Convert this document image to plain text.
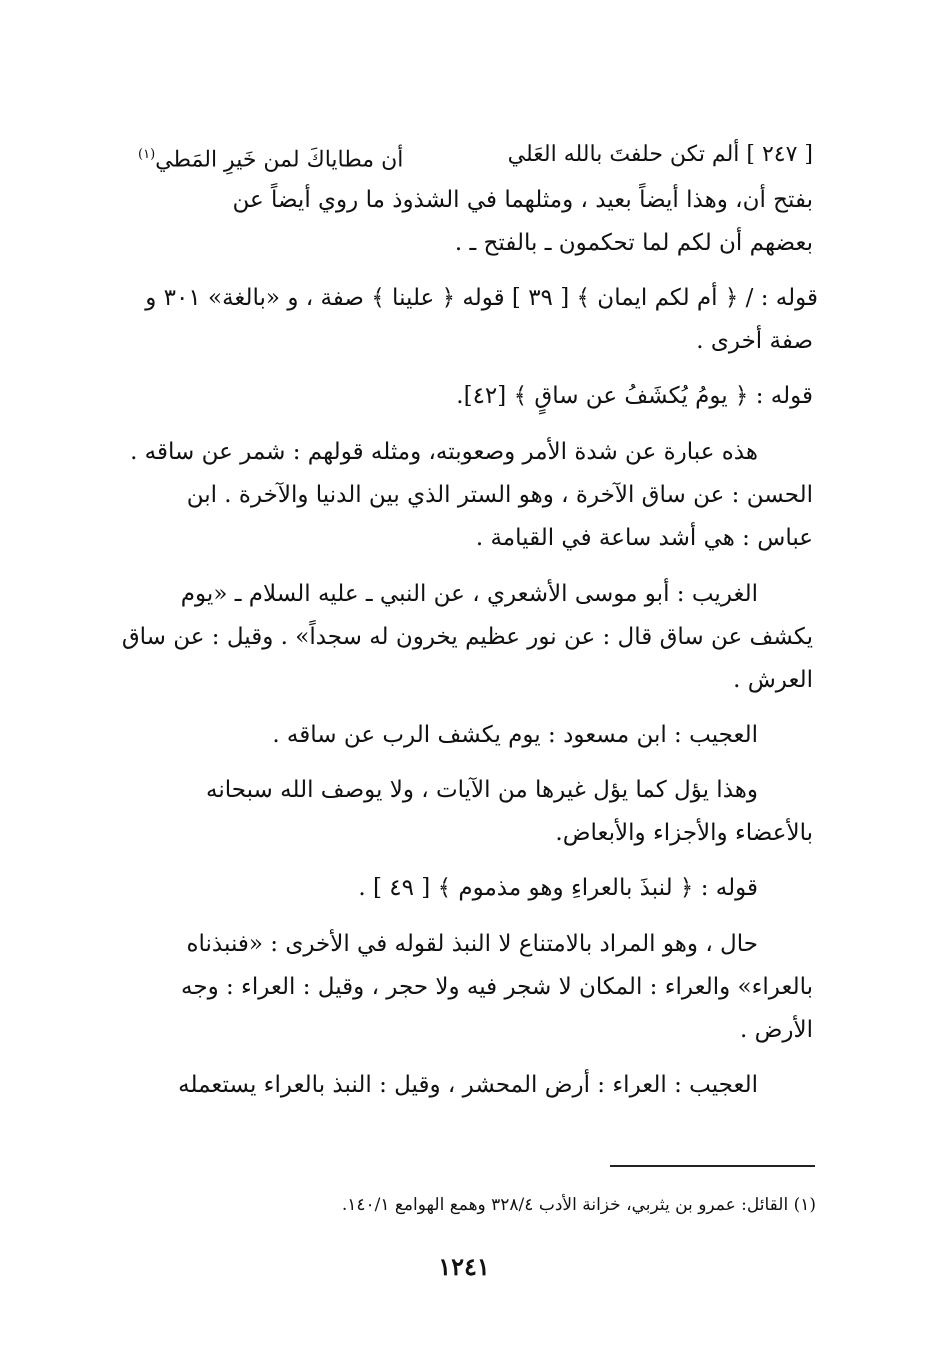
[ ٢٤٧ ] ألم تكن حلفتَ بالله العَلي
أن مطاياكَ لمن خَيرِ المَطي$^{(١)}$
بفتح أن، وهذا أيضاً بعيد ، ومثلهما في الشذوذ ما روي أيضاً عن
بعضهم أن لكم لما تحكمون ـ بالفتح ـ .
قوله : / ﴿ أم لكم ايمان ﴾ [ ٣٩ ] قوله ﴿ علينا ﴾ صفة ، و «بالغة» ٣٠١ و
صفة أخرى .
قوله : ﴿ يومُ يُكشَفُ عن ساقٍ ﴾ [٤٢].
هذه عبارة عن شدة الأمر وصعوبته، ومثله قولهم : شمر عن ساقه .
الحسن : عن ساق الآخرة ، وهو الستر الذي بين الدنيا والآخرة . ابن
عباس : هي أشد ساعة في القيامة .
الغريب : أبو موسى الأشعري ، عن النبي ـ عليه السلام ـ «يوم
يكشف عن ساق قال : عن نور عظيم يخرون له سجداً» . وقيل : عن ساق
العرش .
العجيب : ابن مسعود : يوم يكشف الرب عن ساقه .
وهذا يؤل كما يؤل غيرها من الآيات ، ولا يوصف الله سبحانه
بالأعضاء والأجزاء والأبعاض.
قوله : ﴿ لنبذَ بالعراءِ وهو مذموم ﴾ [ ٤٩ ] .
حال ، وهو المراد بالامتناع لا النبذ لقوله في الأخرى : «فنبذناه
بالعراء» والعراء : المكان لا شجر فيه ولا حجر ، وقيل : العراء : وجه
الأرض .
العجيب : العراء : أرض المحشر ، وقيل : النبذ بالعراء يستعمله
(١) القائل: عمرو بن يثربي، خزانة الأدب ٣٢٨/٤ وهمع الهوامع ١٤٠/١.
١٢٤١
